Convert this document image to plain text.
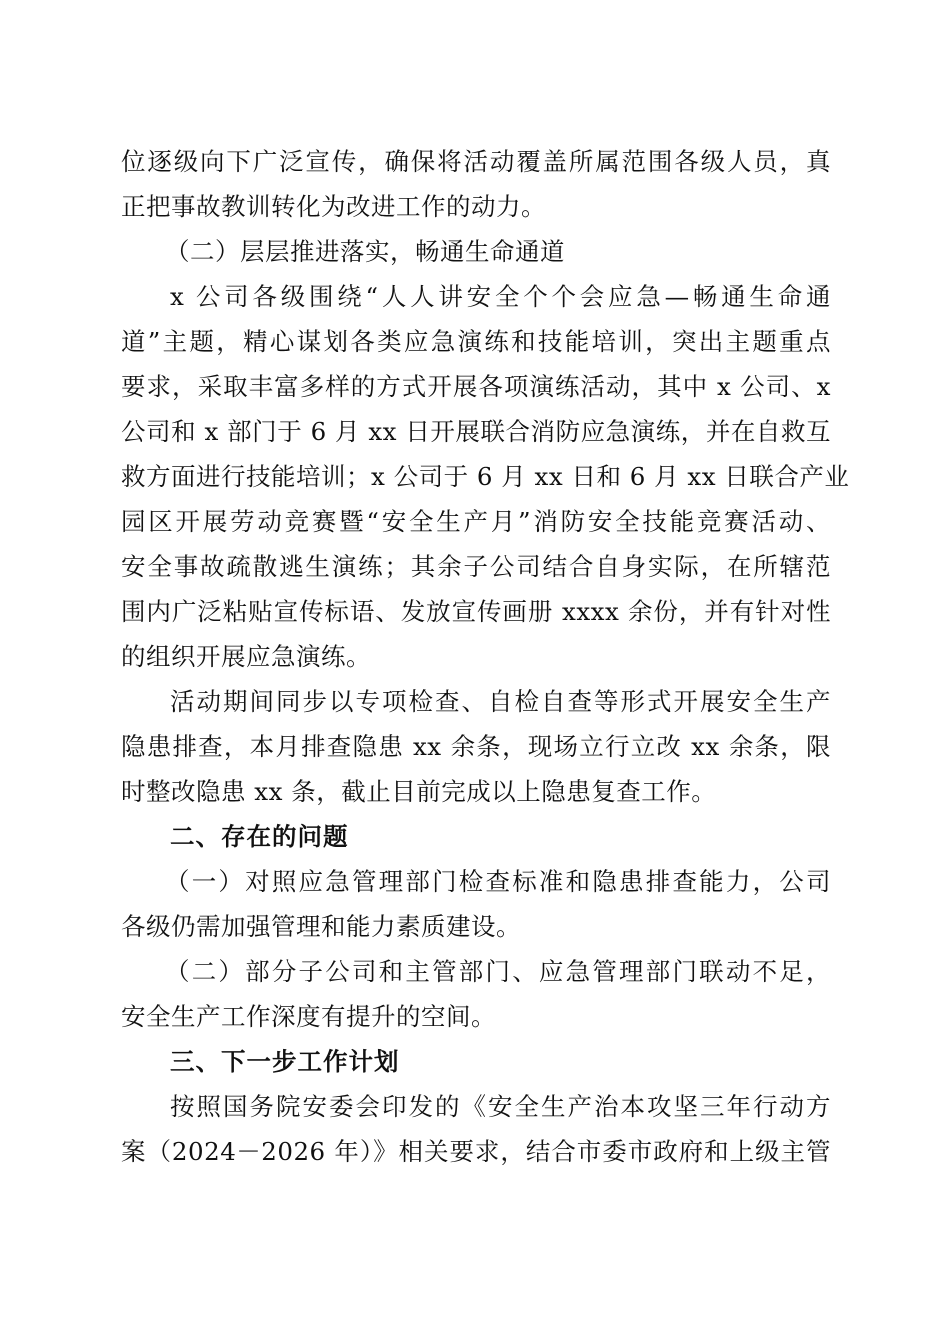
位逐级向下广泛宣传，确保将活动覆盖所属范围各级人员，真
正把事故教训转化为改进工作的动力。
（二）层层推进落实，畅通生命通道
x 公司各级围绕“人人讲安全个个会应急—畅通生命通
道”主题，精心谋划各类应急演练和技能培训，突出主题重点
要求，采取丰富多样的方式开展各项演练活动，其中 x 公司、x
公司和 x 部门于 6 月 xx 日开展联合消防应急演练，并在自救互
救方面进行技能培训；x 公司于 6 月 xx 日和 6 月 xx 日联合产业
园区开展劳动竞赛暨“安全生产月”消防安全技能竞赛活动、
安全事故疏散逃生演练；其余子公司结合自身实际，在所辖范
围内广泛粘贴宣传标语、发放宣传画册 xxxx 余份，并有针对性
的组织开展应急演练。
活动期间同步以专项检查、自检自查等形式开展安全生产
隐患排查，本月排查隐患 xx 余条，现场立行立改 xx 余条，限
时整改隐患 xx 条，截止目前完成以上隐患复查工作。
二、存在的问题
（一）对照应急管理部门检查标准和隐患排查能力，公司
各级仍需加强管理和能力素质建设。
（二）部分子公司和主管部门、应急管理部门联动不足，
安全生产工作深度有提升的空间。
三、下一步工作计划
按照国务院安委会印发的《安全生产治本攻坚三年行动方
案（2024－2026 年）》相关要求，结合市委市政府和上级主管
